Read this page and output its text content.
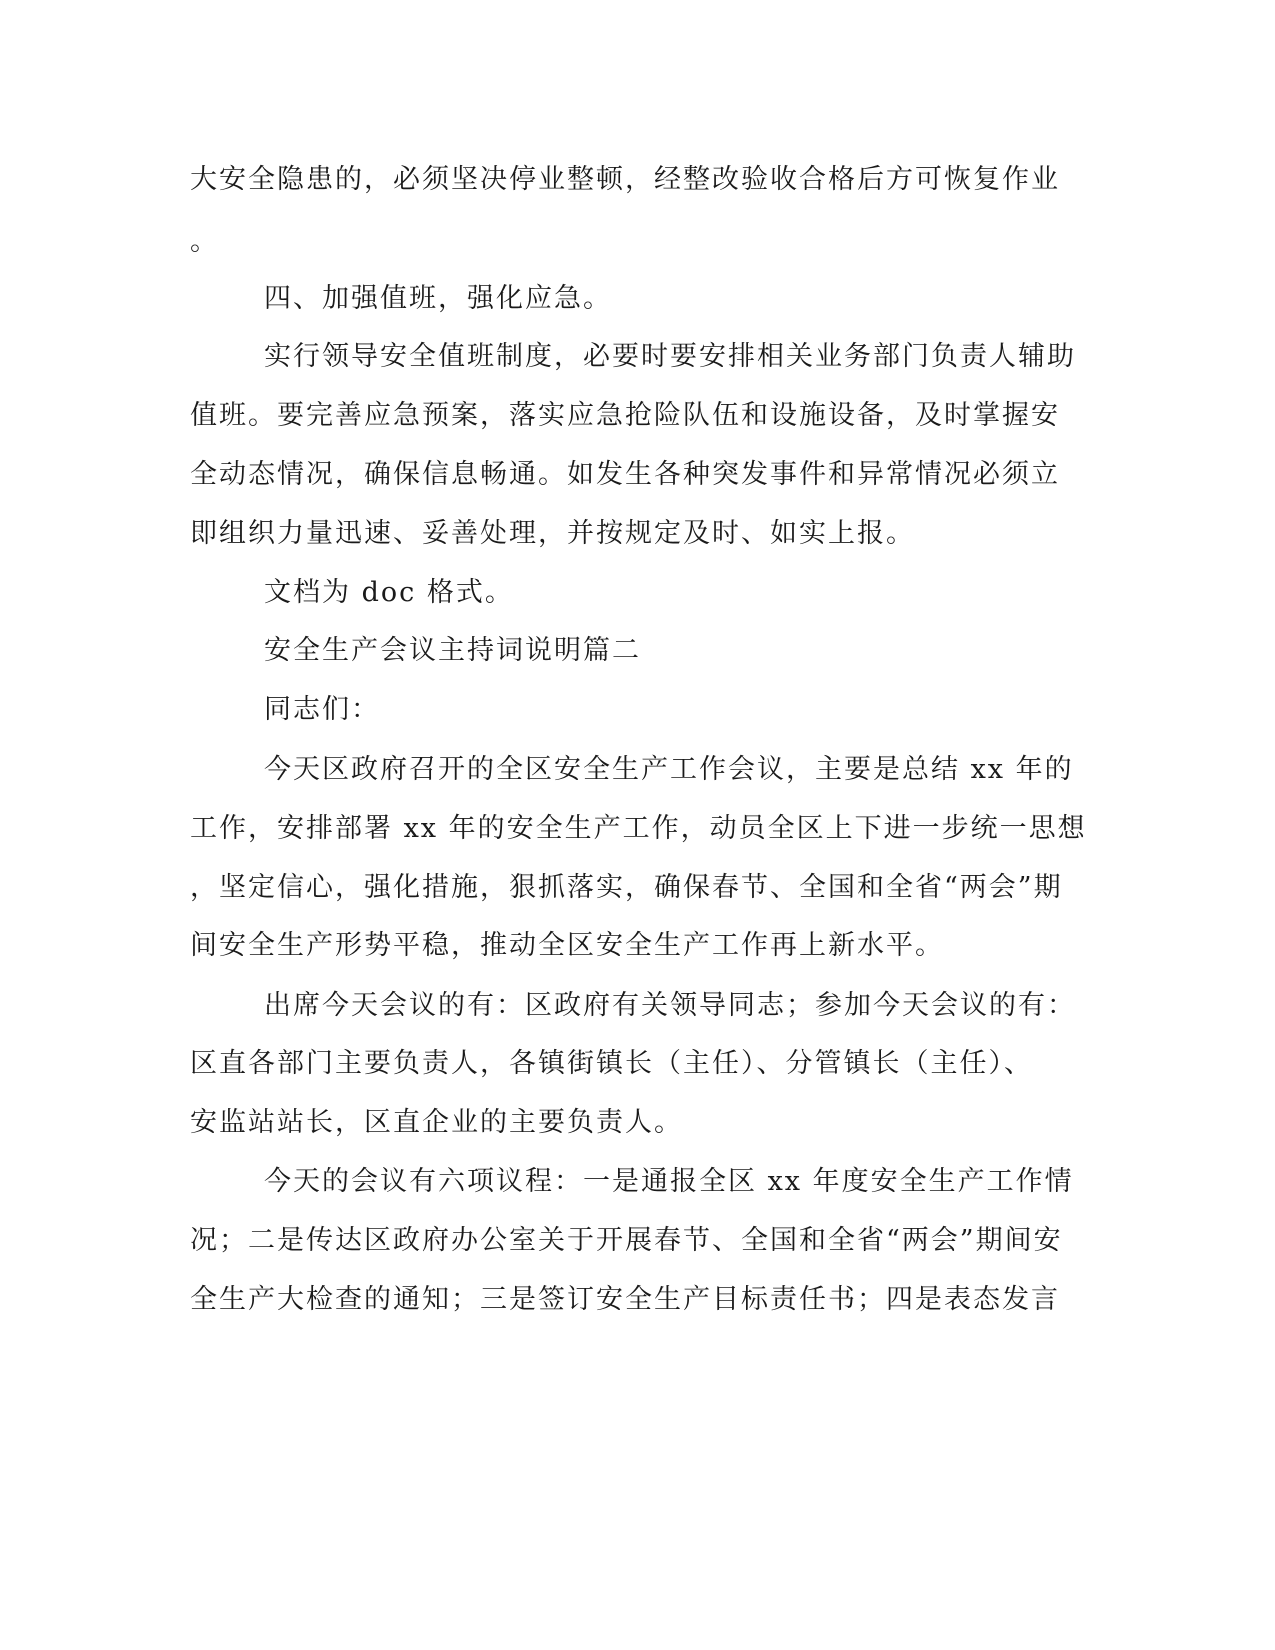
大安全隐患的，必须坚决停业整顿，经整改验收合格后方可恢复作业
。
四、加强值班，强化应急。
实行领导安全值班制度，必要时要安排相关业务部门负责人辅助
值班。要完善应急预案，落实应急抢险队伍和设施设备，及时掌握安
全动态情况，确保信息畅通。如发生各种突发事件和异常情况必须立
即组织力量迅速、妥善处理，并按规定及时、如实上报。
文档为 doc 格式。
安全生产会议主持词说明篇二
同志们：
今天区政府召开的全区安全生产工作会议，主要是总结 xx 年的
工作，安排部署 xx 年的安全生产工作，动员全区上下进一步统一思想
，坚定信心，强化措施，狠抓落实，确保春节、全国和全省“两会”期
间安全生产形势平稳，推动全区安全生产工作再上新水平。
出席今天会议的有：区政府有关领导同志；参加今天会议的有：
区直各部门主要负责人，各镇街镇长（主任）、分管镇长（主任）、
安监站站长，区直企业的主要负责人。
今天的会议有六项议程：一是通报全区 xx 年度安全生产工作情
况；二是传达区政府办公室关于开展春节、全国和全省“两会”期间安
全生产大检查的通知；三是签订安全生产目标责任书；四是表态发言
